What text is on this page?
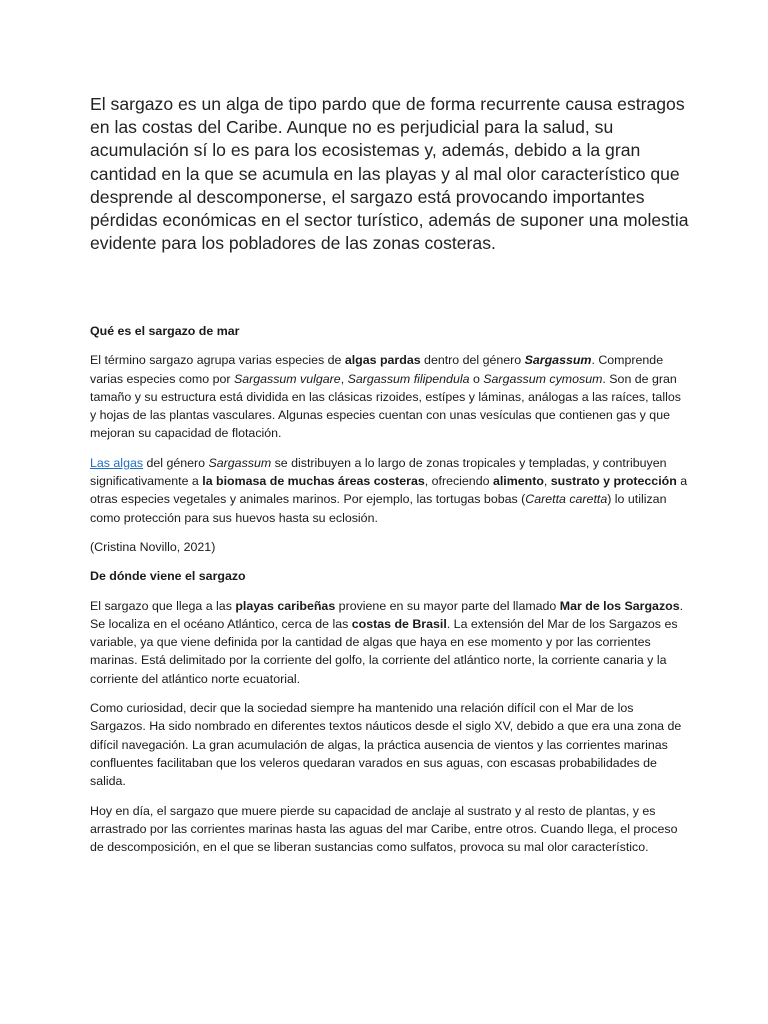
El sargazo es un alga de tipo pardo que de forma recurrente causa estragos en las costas del Caribe. Aunque no es perjudicial para la salud, su acumulación sí lo es para los ecosistemas y, además, debido a la gran cantidad en la que se acumula en las playas y al mal olor característico que desprende al descomponerse, el sargazo está provocando importantes pérdidas económicas en el sector turístico, además de suponer una molestia evidente para los pobladores de las zonas costeras.

Qué es el sargazo de mar

El término sargazo agrupa varias especies de algas pardas dentro del género Sargassum. Comprende varias especies como por Sargassum vulgare, Sargassum filipendula o Sargassum cymosum. Son de gran tamaño y su estructura está dividida en las clásicas rizoides, estípes y láminas, análogas a las raíces, tallos y hojas de las plantas vasculares. Algunas especies cuentan con unas vesículas que contienen gas y que mejoran su capacidad de flotación.

Las algas del género Sargassum se distribuyen a lo largo de zonas tropicales y templadas, y contribuyen significativamente a la biomasa de muchas áreas costeras, ofreciendo alimento, sustrato y protección a otras especies vegetales y animales marinos. Por ejemplo, las tortugas bobas (Caretta caretta) lo utilizan como protección para sus huevos hasta su eclosión.

(Cristina Novillo, 2021)

De dónde viene el sargazo

El sargazo que llega a las playas caribeñas proviene en su mayor parte del llamado Mar de los Sargazos. Se localiza en el océano Atlántico, cerca de las costas de Brasil. La extensión del Mar de los Sargazos es variable, ya que viene definida por la cantidad de algas que haya en ese momento y por las corrientes marinas. Está delimitado por la corriente del golfo, la corriente del atlántico norte, la corriente canaria y la corriente del atlántico norte ecuatorial.

Como curiosidad, decir que la sociedad siempre ha mantenido una relación difícil con el Mar de los Sargazos. Ha sido nombrado en diferentes textos náuticos desde el siglo XV, debido a que era una zona de difícil navegación. La gran acumulación de algas, la práctica ausencia de vientos y las corrientes marinas confluentes facilitaban que los veleros quedaran varados en sus aguas, con escasas probabilidades de salida.

Hoy en día, el sargazo que muere pierde su capacidad de anclaje al sustrato y al resto de plantas, y es arrastrado por las corrientes marinas hasta las aguas del mar Caribe, entre otros. Cuando llega, el proceso de descomposición, en el que se liberan sustancias como sulfatos, provoca su mal olor característico.
